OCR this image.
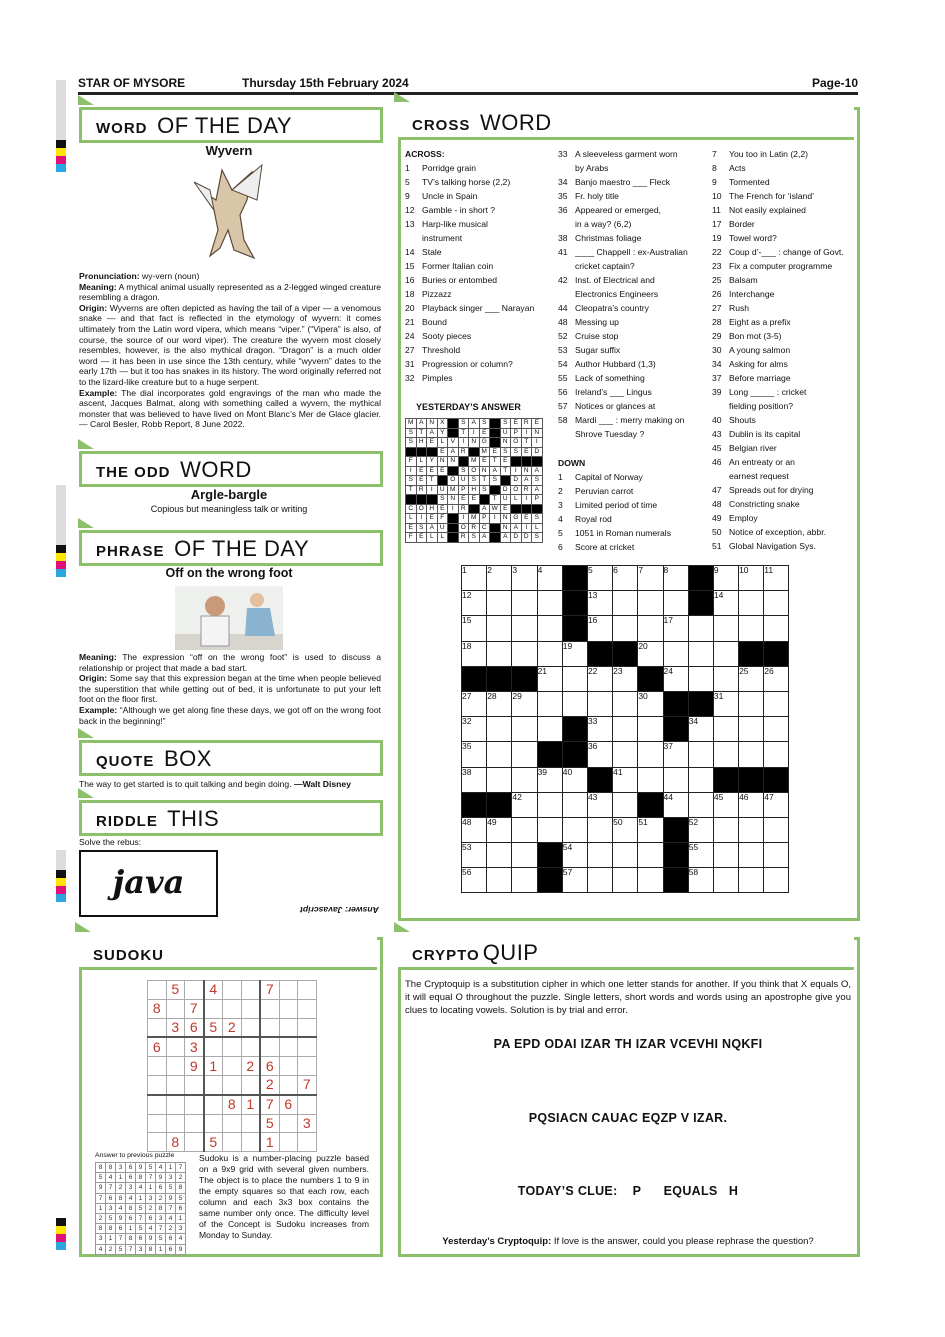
STAR OF MYSORE	Thursday 15th February 2024	Page-10
WORD OF THE DAY
Wyvern
Pronunciation: wy-vern (noun)
Meaning: A mythical animal usually represented as a 2-legged winged creature resembling a dragon.
Origin: Wyverns are often depicted as having the tail of a viper — a venomous snake — and that fact is reflected in the etymology of wyvern: it comes ultimately from the Latin word vipera, which means “viper.” (“Vipera” is also, of course, the source of our word viper). The creature the wyvern most closely resembles, however, is the also mythical dragon. “Dragon” is a much older word — it has been in use since the 13th century, while “wyvern” dates to the early 17th — but it too has snakes in its history. The word originally referred not to the lizard-like creature but to a huge serpent.
Example: The dial incorporates gold engravings of the man who made the ascent, Jacques Balmat, along with something called a wyvern, the mythical monster that was believed to have lived on Mont Blanc’s Mer de Glace glacier. — Carol Besler, Robb Report, 8 June 2022.
THE ODD WORD
Argle-bargle
Copious but meaningless talk or writing
PHRASE OF THE DAY
Off on the wrong foot
Meaning: The expression “off on the wrong foot” is used to discuss a relationship or project that made a bad start.
Origin: Some say that this expression began at the time when people believed the superstition that while getting out of bed, it is unfortunate to put your left foot on the floor first.
Example: “Although we get along fine these days, we got off on the wrong foot back in the beginning!”
QUOTE BOX
The way to get started is to quit talking and begin doing. —Walt Disney
RIDDLE THIS
Solve the rebus:
java
Answer: Javascript
SUDOKU
	5		4			7		
8		7						
	3	6	5	2				
6		3						
		9	1		2	6		
						2		7
				8	1	7	6	
						5		3
	8		5			1		
Answer to previous puzzle
8	8	3	6	9	5	4	1	7
5	4	1	6	8	7	9	3	2
9	7	2	3	4	1	6	5	8
7	6	8	4	1	3	2	9	5
1	3	4	8	5	2	8	7	6
2	5	9	6	7	6	3	4	1
8	8	6	1	5	4	7	2	3
3	1	7	8	6	9	5	6	4
4	2	5	7	3	8	1	6	9
Sudoku is a number-placing puzzle based on a 9x9 grid with several given numbers. The object is to place the numbers 1 to 9 in the empty squares so that each row, each column and each 3x3 box contains the same number only once. The difficulty level of the Concept is Sudoku increases from Monday to Sunday.
CROSS WORD
ACROSS:
1 Porridge grain
5 TV’s talking horse (2,2)
9 Uncle in Spain
12 Gamble - in short ?
13 Harp-like musical
instrument
14 Stale
15 Former Italian coin
16 Buries or entombed
18 Pizzazz
20 Playback singer ___ Narayan
21 Bound
24 Sooty pieces
27 Threshold
31 Progression or column?
32 Pimples
33 A sleeveless garment worn
by Arabs
34 Banjo maestro ___ Fleck
35 Fr. holy title
36 Appeared or emerged,
in a way? (6,2)
38 Christmas foliage
41 ____ Chappell : ex-Australian
cricket captain?
42 Inst. of Electrical and
Electronics Engineers
44 Cleopatra’s country
48 Messing up
52 Cruise stop
53 Sugar suffix
54 Author Hubbard (1,3)
55 Lack of something
56 Ireland’s ___ Lingus
57 Notices or glances at
58 Mardi ___ : merry making on
Shrove Tuesday ?
DOWN
1 Capital of Norway
2 Peruvian carrot
3 Limited period of time
4 Royal rod
5 1051 in Roman numerals
6 Score at cricket
7 You too in Latin (2,2)
8 Acts
9 Tormented
10 The French for ‘island’
11 Not easily explained
17 Border
19 Towel word?
22 Coup d’-___ : change of Govt.
23 Fix a computer programme
25 Balsam
26 Interchange
27 Rush
28 Eight as a prefix
29 Bon mot (3-5)
30 A young salmon
34 Asking for alms
37 Before marriage
39 Long _____ : cricket
fielding position?
40 Shouts
43 Dublin is its capital
45 Belgian river
46 An entreaty or an
earnest request
47 Spreads out for drying
48 Constricting snake
49 Employ
50 Notice of exception, abbr.
51 Global Navigation Sys.
YESTERDAY’S ANSWER
M	A	N	X		S	A	S		S	E	R	E
S	T	A	Y		T	I	E		U	P	I	N
S	H	E	L	V	I	N	G		N	O	T	I
			E	A	R		M	E	S	S	E	D
F	L	Y	N	N		M	E	T	E			
I	E	E	E		S	O	N	A	T	I	N	A
S	E	T		O	U	S	T	S		D	A	S
T	R	I	U	M	P	H	S		D	O	R	A
			S	N	E	E		T	U	L	I	P
C	O	H	E	I	R		A	W	E			
L	I	E	F		I	M	P	I	N	G	E	S
E	S	A	U		O	R	C		N	A	I	L
F	E	L	L		R	S	A		A	D	D	S
1	2	3	4		5	6	7	8		9	10	11
12					13					14		
15					16			17				
18				19			20					
			21		22	23		24			25	26
27	28	29					30			31		
32					33				34			
35					36			37				
38			39	40		41						
		42			43			44		45	46	47
48	49					50	51		52			
53				54					55			
56				57					58			
CRYPTO QUIP
The Cryptoquip is a substitution cipher in which one letter stands for another. If you think that X equals O, it will equal O throughout the puzzle. Single letters, short words and words using an apostrophe give you clues to locating vowels. Solution is by trial and error.
PA EPD ODAI IZAR TH IZAR VCEVHI NQKFI
PQSIACN CAUAC EQZP V IZAR.
TODAY’S CLUE:    P      EQUALS   H
Yesterday’s Cryptoquip: If love is the answer, could you please rephrase the question?
